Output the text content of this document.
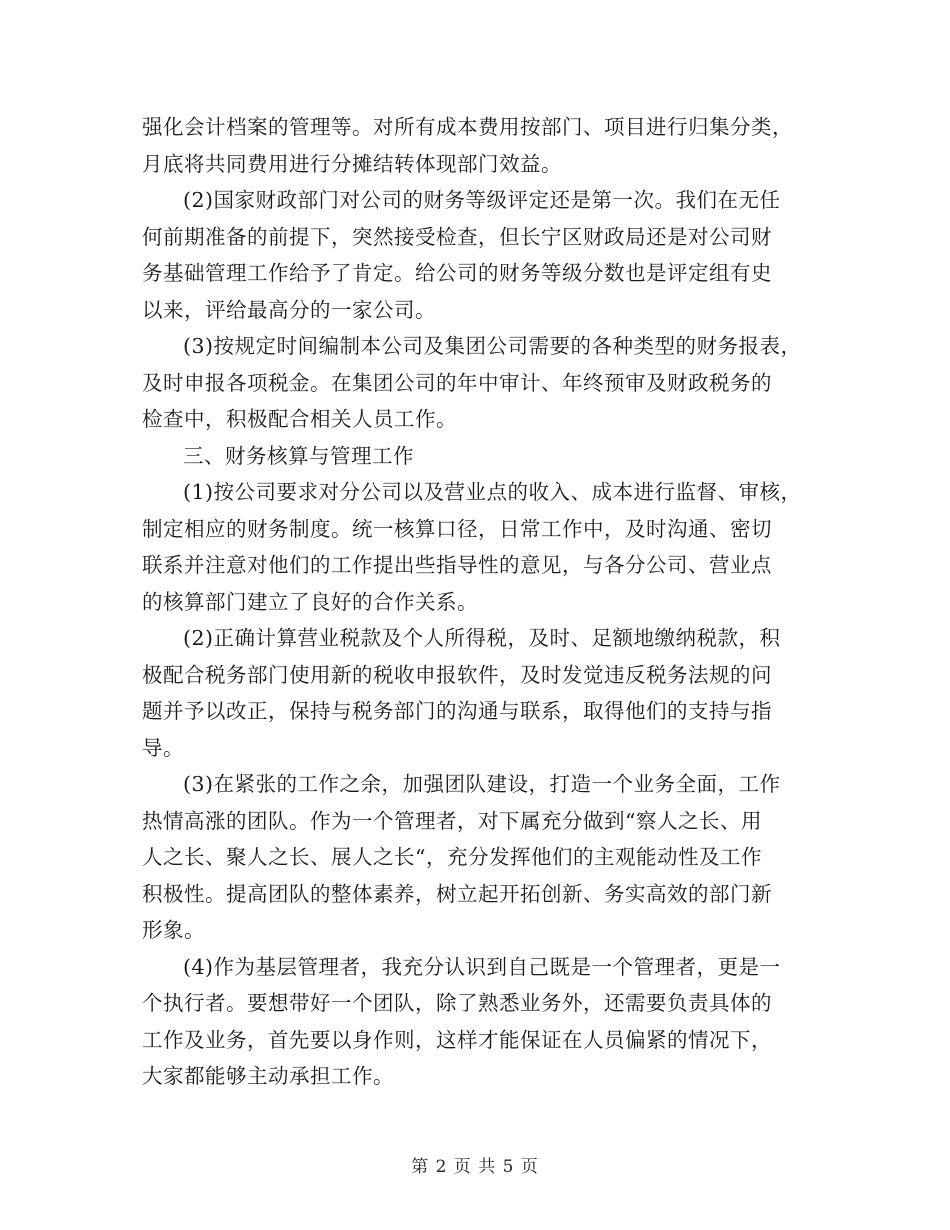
强化会计档案的管理等。对所有成本费用按部门、项目进行归集分类，
月底将共同费用进行分摊结转体现部门效益。
(2)国家财政部门对公司的财务等级评定还是第一次。我们在无任
何前期准备的前提下，突然接受检查，但长宁区财政局还是对公司财
务基础管理工作给予了肯定。给公司的财务等级分数也是评定组有史
以来，评给最高分的一家公司。
(3)按规定时间编制本公司及集团公司需要的各种类型的财务报表，
及时申报各项税金。在集团公司的年中审计、年终预审及财政税务的
检查中，积极配合相关人员工作。
三、财务核算与管理工作
(1)按公司要求对分公司以及营业点的收入、成本进行监督、审核，
制定相应的财务制度。统一核算口径，日常工作中，及时沟通、密切
联系并注意对他们的工作提出些指导性的意见，与各分公司、营业点
的核算部门建立了良好的合作关系。
(2)正确计算营业税款及个人所得税，及时、足额地缴纳税款，积
极配合税务部门使用新的税收申报软件，及时发觉违反税务法规的问
题并予以改正，保持与税务部门的沟通与联系，取得他们的支持与指
导。
(3)在紧张的工作之余，加强团队建设，打造一个业务全面，工作
热情高涨的团队。作为一个管理者，对下属充分做到“察人之长、用
人之长、聚人之长、展人之长“，充分发挥他们的主观能动性及工作
积极性。提高团队的整体素养，树立起开拓创新、务实高效的部门新
形象。
(4)作为基层管理者，我充分认识到自己既是一个管理者，更是一
个执行者。要想带好一个团队，除了熟悉业务外，还需要负责具体的
工作及业务，首先要以身作则，这样才能保证在人员偏紧的情况下，
大家都能够主动承担工作。
第 2 页 共 5 页
